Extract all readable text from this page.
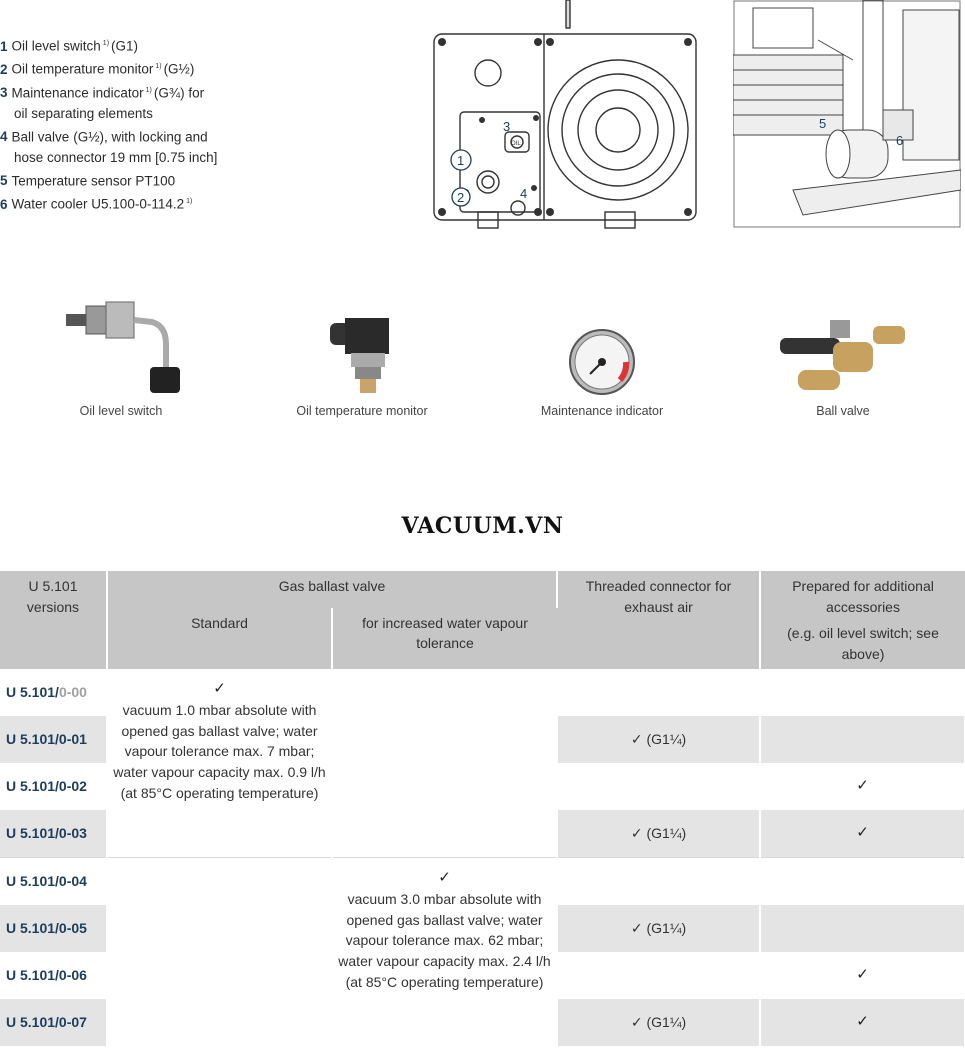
1 Oil level switch $^{1)}$ (G1)
2 Oil temperature monitor $^{1)}$ (G½)
3 Maintenance indicator $^{1)}$ (G¾) for
oil separating elements
4 Ball valve (G½), with locking and
hose connector 19 mm [0.75 inch]
5 Temperature sensor PT100
6 Water cooler U5.100-0-114.2 $^{1)}$
1
2
3
4
OIL
5
6
Oil level switch	Oil temperature monitor	Maintenance indicator	Ball valve
VACUUM.VN
U 5.101 versions	Gas ballast valve		Threaded connector for exhaust air	Prepared for additional accessories
(e.g. oil level switch; see above)

	Standard	for increased water vapour tolerance		
U 5.101/0-00	✓
vacuum 1.0 mbar absolute with opened gas ballast valve; water vapour tolerance max. 7 mbar; water vapour capacity max. 0.9 l/h (at 85°C operating temperature)			

U 5.101/0-01			✓ (G1¼)	
U 5.101/0-02				✓
U 5.101/0-03			✓ (G1¼)	✓
U 5.101/0-04		✓
vacuum 3.0 mbar absolute with opened gas ballast valve; water vapour tolerance max. 62 mbar; water vapour capacity max. 2.4 l/h (at 85°C operating temperature)		

U 5.101/0-05			✓ (G1¼)	
U 5.101/0-06				✓
U 5.101/0-07			✓ (G1¼)	✓
